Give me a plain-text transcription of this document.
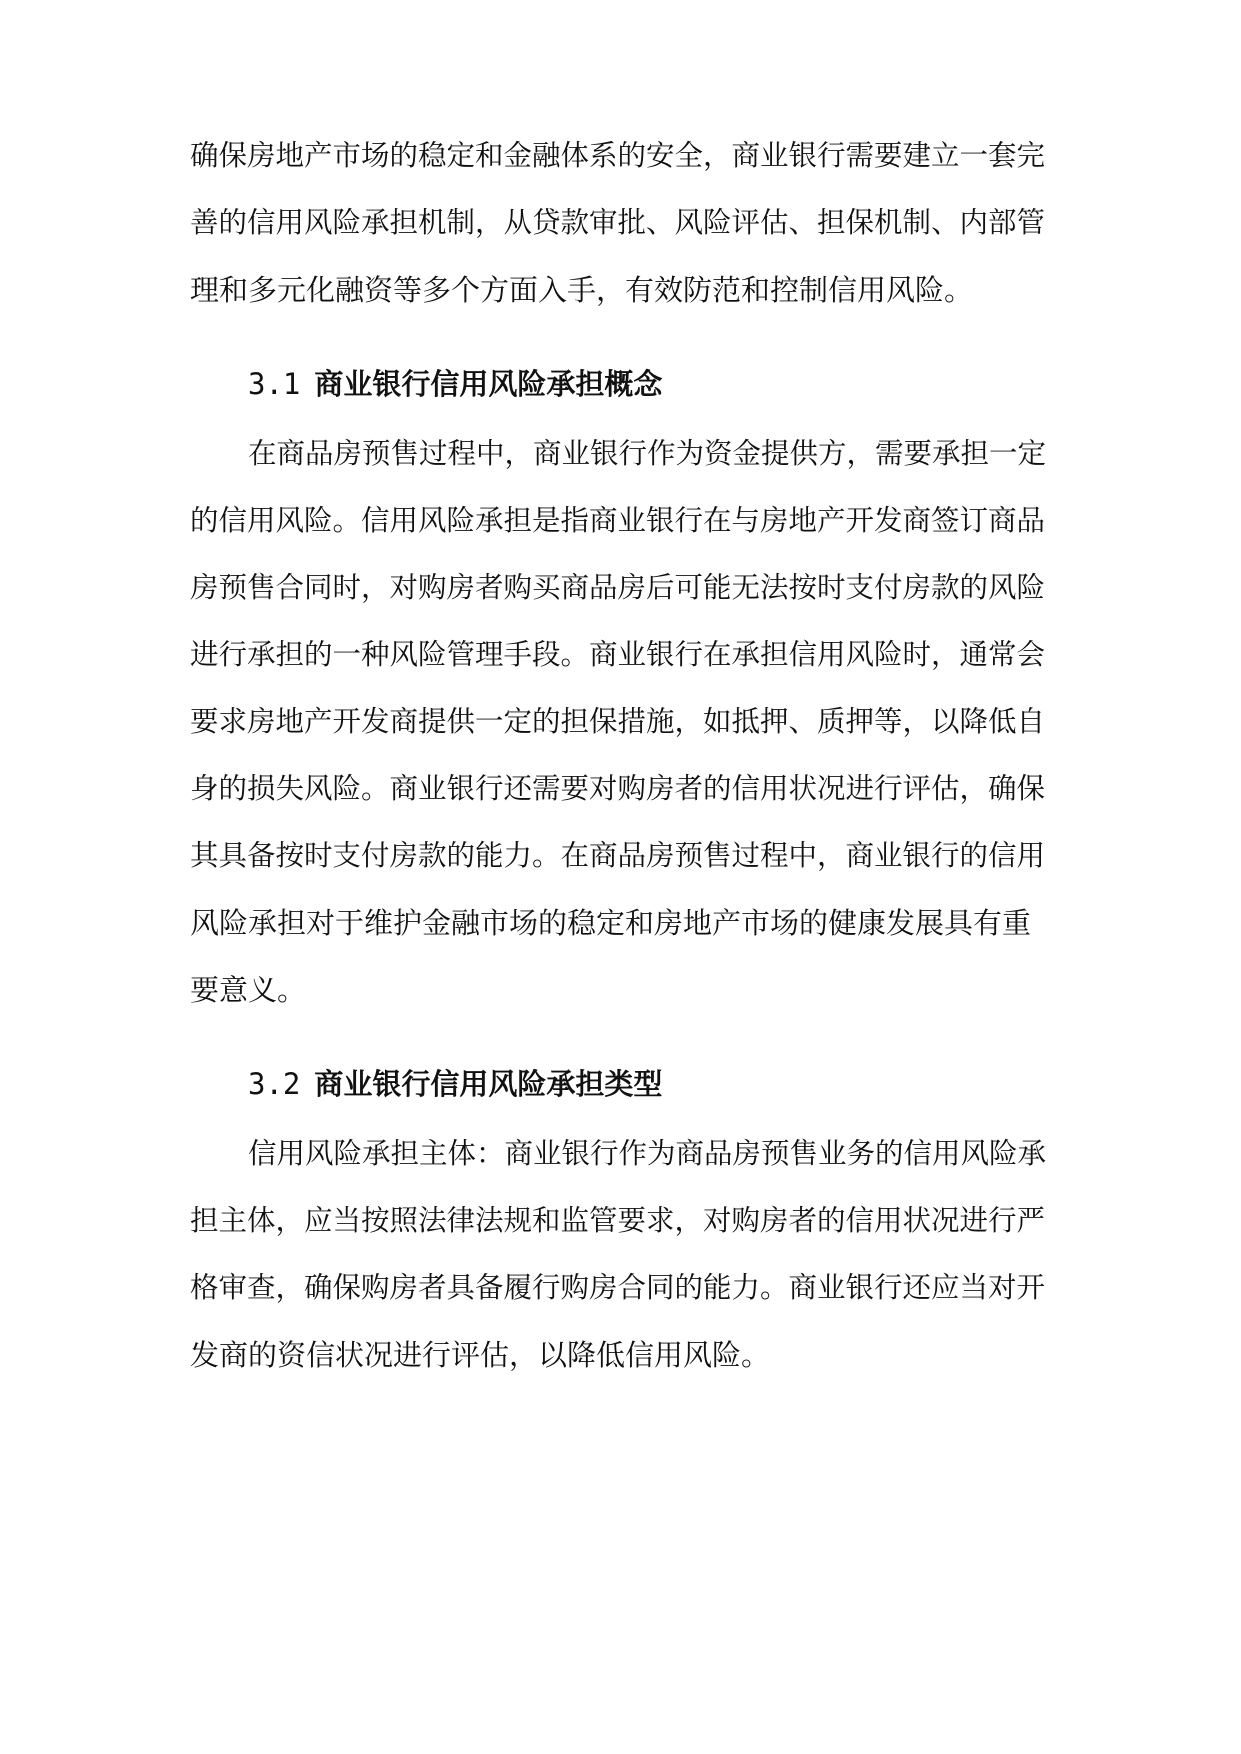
确保房地产市场的稳定和金融体系的安全，商业银行需要建立一套完

善的信用风险承担机制，从贷款审批、风险评估、担保机制、内部管

理和多元化融资等多个方面入手，有效防范和控制信用风险。

3.1 商业银行信用风险承担概念

在商品房预售过程中，商业银行作为资金提供方，需要承担一定

的信用风险。信用风险承担是指商业银行在与房地产开发商签订商品

房预售合同时，对购房者购买商品房后可能无法按时支付房款的风险

进行承担的一种风险管理手段。商业银行在承担信用风险时，通常会

要求房地产开发商提供一定的担保措施，如抵押、质押等，以降低自

身的损失风险。商业银行还需要对购房者的信用状况进行评估，确保

其具备按时支付房款的能力。在商品房预售过程中，商业银行的信用

风险承担对于维护金融市场的稳定和房地产市场的健康发展具有重

要意义。

3.2 商业银行信用风险承担类型

信用风险承担主体：商业银行作为商品房预售业务的信用风险承

担主体，应当按照法律法规和监管要求，对购房者的信用状况进行严

格审查，确保购房者具备履行购房合同的能力。商业银行还应当对开

发商的资信状况进行评估，以降低信用风险。
